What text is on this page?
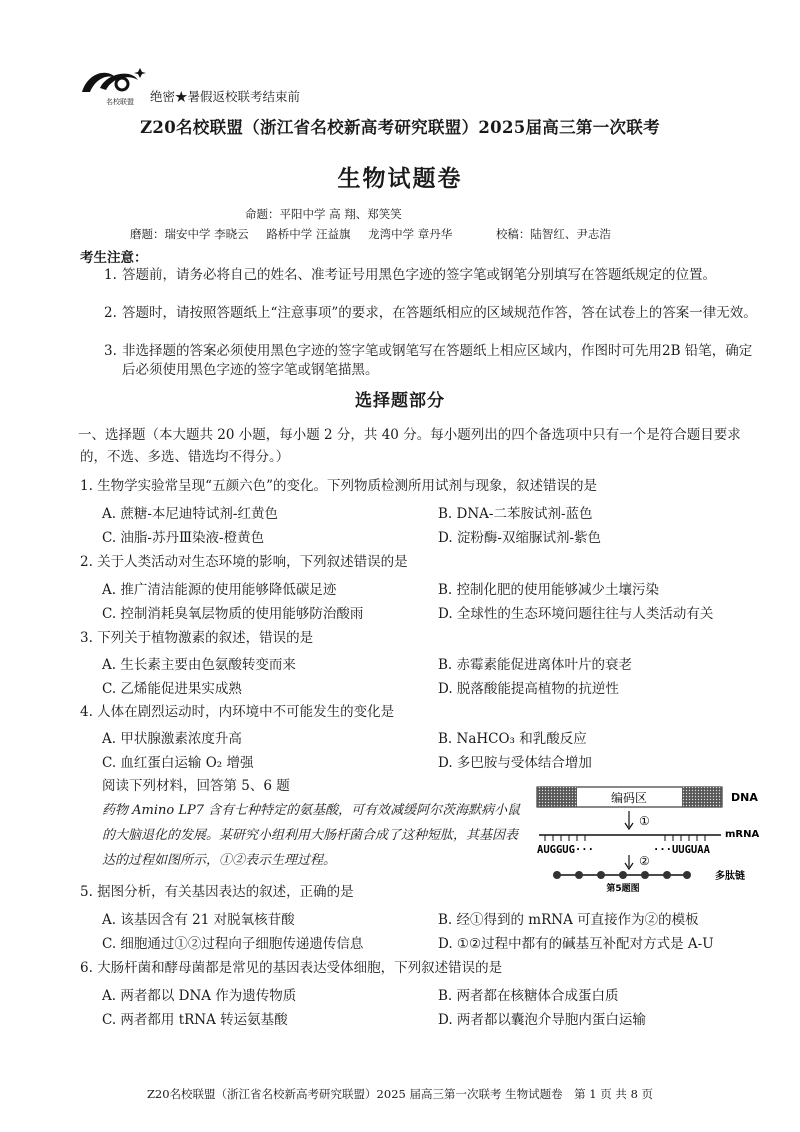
名校联盟 绝密★暑假返校联考结束前
Z20名校联盟（浙江省名校新高考研究联盟）2025届高三第一次联考
生物试题卷
命题：平阳中学 高 翔、郑笑笑
磨题：瑞安中学 李晓云 路桥中学 汪益旗 龙湾中学 章丹华	校稿：陆智红、尹志浩
考生注意：
1. 答题前，请务必将自己的姓名、准考证号用黑色字迹的签字笔或钢笔分别填写在答题纸规定的位置。
2. 答题时，请按照答题纸上“注意事项”的要求，在答题纸相应的区域规范作答，答在试卷上的答案一律无效。
3. 非选择题的答案必须使用黑色字迹的签字笔或钢笔写在答题纸上相应区域内，作图时可先用2B 铅笔，确定后必须使用黑色字迹的签字笔或钢笔描黑。
选择题部分
一、选择题（本大题共 20 小题，每小题 2 分，共 40 分。每小题列出的四个备选项中只有一个是符合题目要求的，不选、多选、错选均不得分。）
1. 生物学实验常呈现“五颜六色”的变化。下列物质检测所用试剂与现象，叙述错误的是
A. 蔗糖-本尼迪特试剂-红黄色	B. DNA-二苯胺试剂-蓝色
C. 油脂-苏丹Ⅲ染液-橙黄色	D. 淀粉酶-双缩脲试剂-紫色
2. 关于人类活动对生态环境的影响，下列叙述错误的是
A. 推广清洁能源的使用能够降低碳足迹	B. 控制化肥的使用能够减少土壤污染
C. 控制消耗臭氧层物质的使用能够防治酸雨	D. 全球性的生态环境问题往往与人类活动有关
3. 下列关于植物激素的叙述，错误的是
A. 生长素主要由色氨酸转变而来	B. 赤霉素能促进离体叶片的衰老
C. 乙烯能促进果实成熟	D. 脱落酸能提高植物的抗逆性
4. 人体在剧烈运动时，内环境中不可能发生的变化是
A. 甲状腺激素浓度升高	B. NaHCO₃ 和乳酸反应
C. 血红蛋白运输 O₂ 增强	D. 多巴胺与受体结合增加
阅读下列材料，回答第 5、6 题
药物 Amino LP7 含有七种特定的氨基酸，可有效减缓阿尔茨海默病小鼠的大脑退化的发展。某研究小组利用大肠杆菌合成了这种短肽，其基因表达的过程如图所示，①②表示生理过程。
编码区	DNA
①
mRNA
AUGGUG···	···UUGUAA
②
多肽链
第5题图
5. 据图分析，有关基因表达的叙述，正确的是
A. 该基因含有 21 对脱氧核苷酸	B. 经①得到的 mRNA 可直接作为②的模板
C. 细胞通过①②过程向子细胞传递遗传信息	D. ①②过程中都有的碱基互补配对方式是 A-U
6. 大肠杆菌和酵母菌都是常见的基因表达受体细胞，下列叙述错误的是
A. 两者都以 DNA 作为遗传物质	B. 两者都在核糖体合成蛋白质
C. 两者都用 tRNA 转运氨基酸	D. 两者都以囊泡介导胞内蛋白运输
Z20名校联盟（浙江省名校新高考研究联盟）2025 届高三第一次联考 生物试题卷　第 1 页 共 8 页
